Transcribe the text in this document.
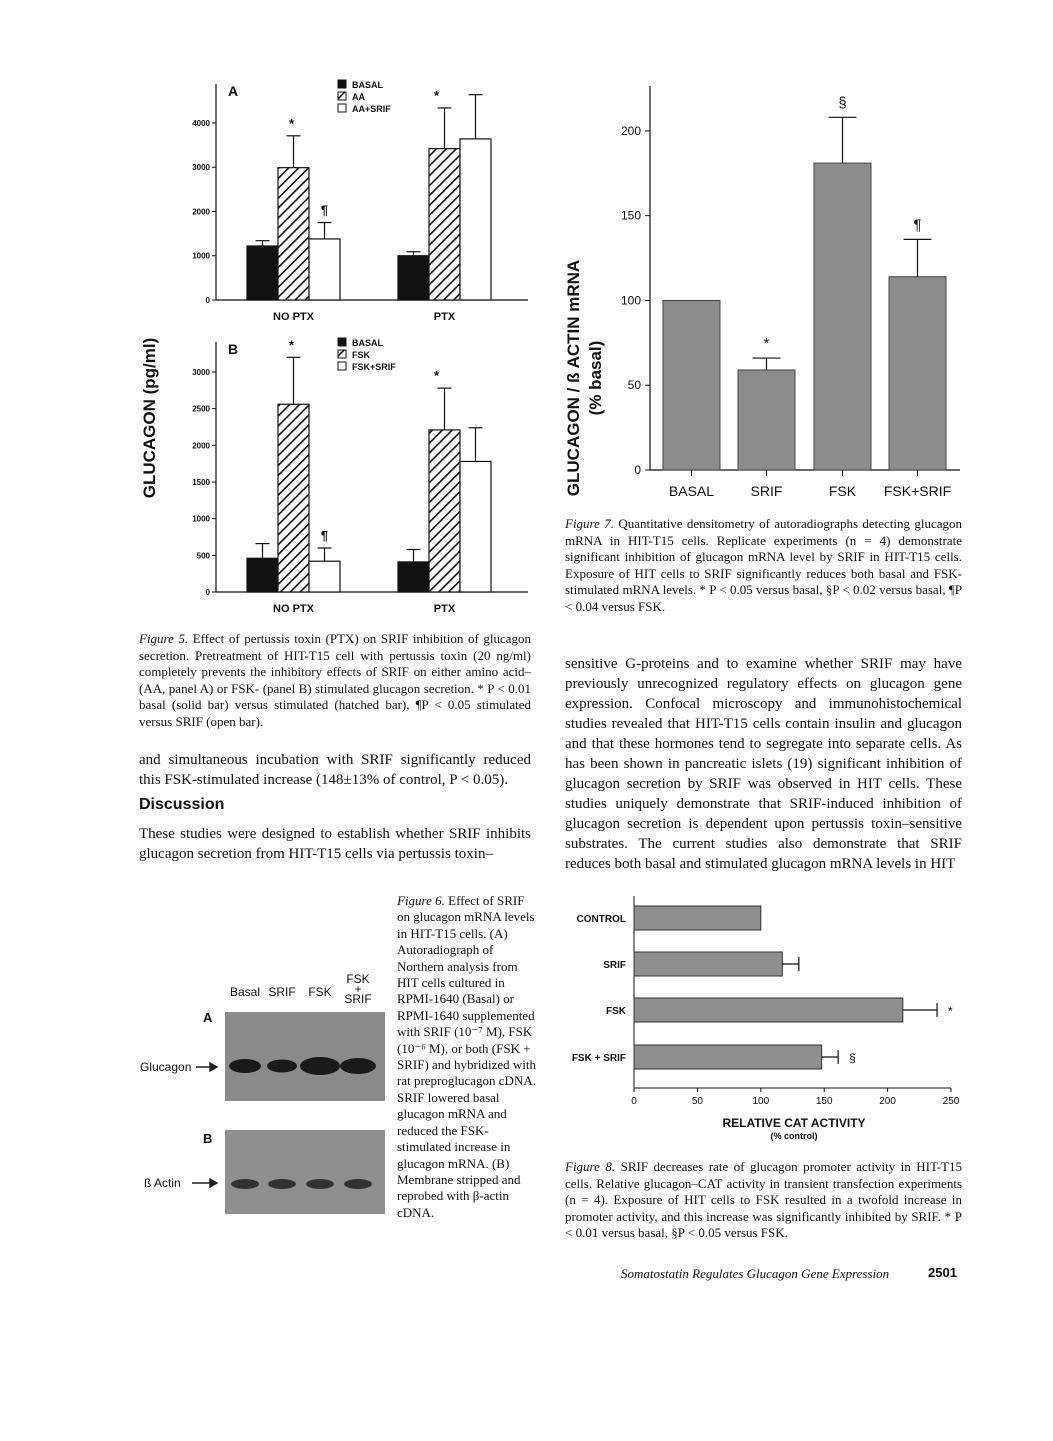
GLUCAGON (pg/ml)
0
1000
2000
3000
4000
NO PTX	PTX
A	BASAL
AA
AA+SRIF
*
¶
*
0
500
1000
1500
2000
2500
3000
NO PTX	PTX
B	BASAL
FSK
FSK+SRIF
*
¶
*
Figure 5. Effect of pertussis toxin (PTX) on SRIF inhibition of glucagon secretion. Pretreatment of HIT-T15 cell with pertussis toxin (20 ng/ml) completely prevents the inhibitory effects of SRIF on either amino acid– (AA, panel A) or FSK- (panel B) stimulated glucagon secretion. * P < 0.01 basal (solid bar) versus stimulated (hatched bar), ¶P < 0.05 stimulated versus SRIF (open bar).
GLUCAGON / ß ACTIN mRNA (% basal)
0
50
100
150
200
BASAL	SRIF	FSK FSK+SRIF
*
§
¶
Figure 7. Quantitative densitometry of autoradiographs detecting glucagon mRNA in HIT-T15 cells. Replicate experiments (n = 4) demonstrate significant inhibition of glucagon mRNA level by SRIF in HIT-T15 cells. Exposure of HIT cells to SRIF significantly reduces both basal and FSK-stimulated mRNA levels. * P < 0.05 versus basal, §P < 0.02 versus basal, ¶P < 0.04 versus FSK.
and simultaneous incubation with SRIF significantly reduced this FSK-stimulated increase (148±13% of control, P < 0.05).
Discussion
These studies were designed to establish whether SRIF inhibits glucagon secretion from HIT-T15 cells via pertussis toxin–
sensitive G-proteins and to examine whether SRIF may have previously unrecognized regulatory effects on glucagon gene expression. Confocal microscopy and immunohistochemical studies revealed that HIT-T15 cells contain insulin and glucagon and that these hormones tend to segregate into separate cells. As has been shown in pancreatic islets (19) significant inhibition of glucagon secretion by SRIF was observed in HIT cells. These studies uniquely demonstrate that SRIF-induced inhibition of glucagon secretion is dependent upon pertussis toxin–sensitive substrates. The current studies also demonstrate that SRIF reduces both basal and stimulated glucagon mRNA levels in HIT
Basal SRIF FSK
FSK + SRIF
A
Glucagon
B
ß Actin
Figure 6. Effect of SRIF on glucagon mRNA levels in HIT-T15 cells. (A) Autoradiograph of Northern analysis from HIT cells cultured in RPMI-1640 (Basal) or RPMI-1640 supplemented with SRIF (10⁻⁷ M), FSK (10⁻⁶ M), or both (FSK + SRIF) and hybridized with rat preproglucagon cDNA. SRIF lowered basal glucagon mRNA and reduced the FSK-stimulated increase in glucagon mRNA. (B) Membrane stripped and reprobed with β-actin cDNA.
0	50	100	150	200	250
CONTROL
SRIF
FSK
FSK + SRIF
*
§
RELATIVE CAT ACTIVITY
(% control)
Figure 8. SRIF decreases rate of glucagon promoter activity in HIT-T15 cells. Relative glucagon–CAT activity in transient transfection experiments (n = 4). Exposure of HIT cells to FSK resulted in a twofold increase in promoter activity, and this increase was significantly inhibited by SRIF. * P < 0.01 versus basal, §P < 0.05 versus FSK.
Somatostatin Regulates Glucagon Gene Expression	2501
